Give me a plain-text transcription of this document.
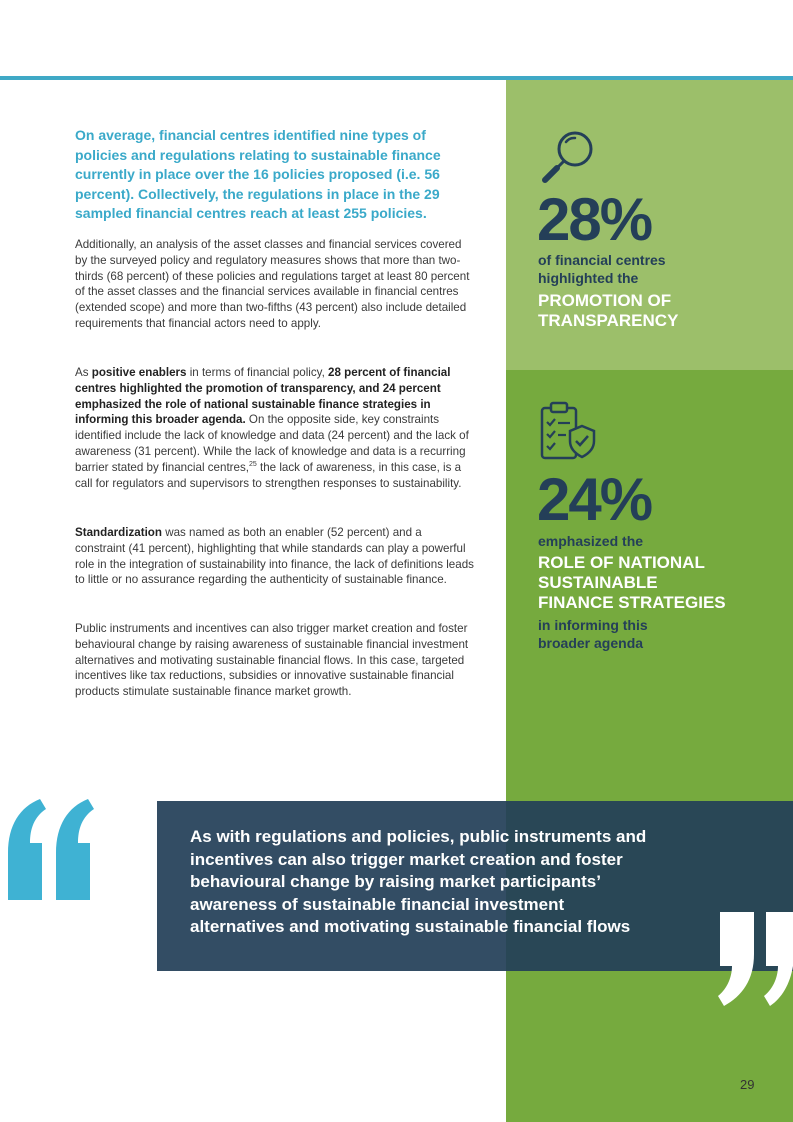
On average, financial centres identified nine types of policies and regulations relating to sustainable finance currently in place over the 16 policies proposed (i.e. 56 percent). Collectively, the regulations in place in the 29 sampled financial centres reach at least 255 policies.

Additionally, an analysis of the asset classes and financial services covered by the surveyed policy and regulatory measures shows that more than two-thirds (68 percent) of these policies and regulations target at least 80 percent of the asset classes and the financial services available in financial centres (extended scope) and more than two-fifths (43 percent) also include detailed requirements that financial actors need to apply.

As positive enablers in terms of financial policy, 28 percent of financial centres highlighted the promotion of transparency, and 24 percent emphasized the role of national sustainable finance strategies in informing this broader agenda. On the opposite side, key constraints identified include the lack of knowledge and data (24 percent) and the lack of awareness (31 percent). While the lack of knowledge and data is a recurring barrier stated by financial centres,$^{25}$ the lack of awareness, in this case, is a call for regulators and supervisors to strengthen responses to sustainability.

Standardization was named as both an enabler (52 percent) and a constraint (41 percent), highlighting that while standards can play a powerful role in the integration of sustainability into finance, the lack of definitions leads to little or no assurance regarding the authenticity of sustainable finance.

Public instruments and incentives can also trigger market creation and foster behavioural change by raising awareness of sustainable financial investment alternatives and motivating sustainable financial flows. In this case, targeted incentives like tax reductions, subsidies or innovative sustainable financial products stimulate sustainable finance market growth.

28%

of financial centres

highlighted the

PROMOTION OF

TRANSPARENCY

24%

emphasized the

ROLE OF NATIONAL

SUSTAINABLE

FINANCE STRATEGIES

in informing this

broader agenda

As with regulations and policies, public instruments and
incentives can also trigger market creation and foster
behavioural change by raising market participants’
awareness of sustainable financial investment
alternatives and motivating sustainable financial flows

29
